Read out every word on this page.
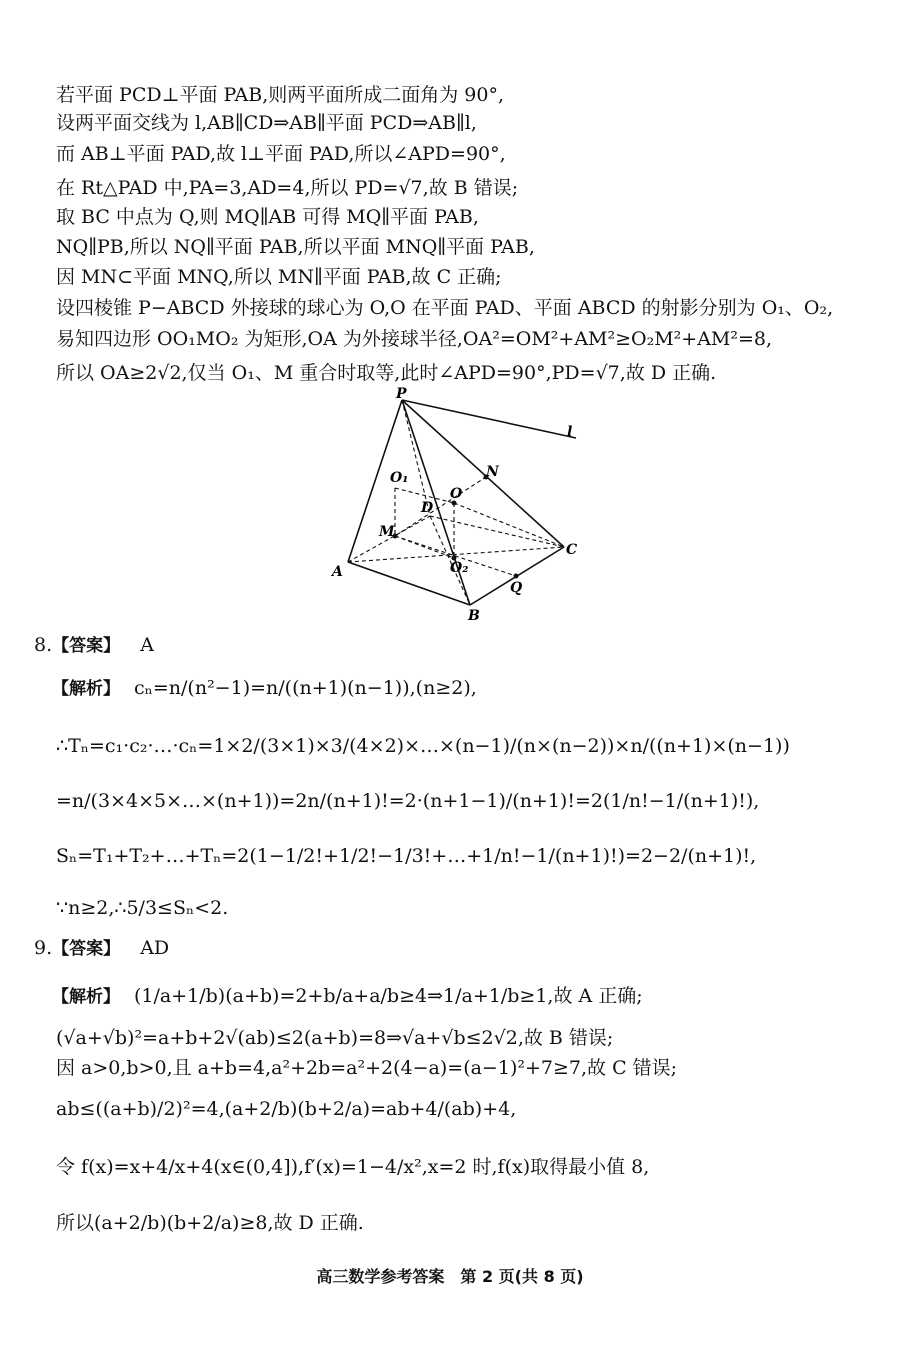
若平面 PCD⊥平面 PAB,则两平面所成二面角为 90°,
设两平面交线为 l,AB∥CD⇒AB∥平面 PCD⇒AB∥l,
而 AB⊥平面 PAD,故 l⊥平面 PAD,所以∠APD=90°,
在 Rt△PAD 中,PA=3,AD=4,所以 PD=√7,故 B 错误;
取 BC 中点为 Q,则 MQ∥AB 可得 MQ∥平面 PAB,
NQ∥PB,所以 NQ∥平面 PAB,所以平面 MNQ∥平面 PAB,
因 MN⊂平面 MNQ,所以 MN∥平面 PAB,故 C 正确;
设四棱锥 P−ABCD 外接球的球心为 O,O 在平面 PAD、平面 ABCD 的射影分别为 O₁、O₂,
易知四边形 OO₁MO₂ 为矩形,OA 为外接球半径,OA²=OM²+AM²≥O₂M²+AM²=8,
所以 OA≥2√2,仅当 O₁、M 重合时取等,此时∠APD=90°,PD=√7,故 D 正确.
P
l
N
O₁
O
D
M
C
A	O₂
Q
B
8.【答案】 A
【解析】 cₙ=n/(n²−1)=n/((n+1)(n−1)),(n≥2),
∴Tₙ=c₁·c₂·…·cₙ=1×2/(3×1)×3/(4×2)×…×(n−1)/(n×(n−2))×n/((n+1)×(n−1))
=n/(3×4×5×…×(n+1))=2n/(n+1)!=2·(n+1−1)/(n+1)!=2(1/n!−1/(n+1)!),
Sₙ=T₁+T₂+…+Tₙ=2(1−1/2!+1/2!−1/3!+…+1/n!−1/(n+1)!)=2−2/(n+1)!,
∵n≥2,∴5/3≤Sₙ<2.
9.【答案】 AD
【解析】 (1/a+1/b)(a+b)=2+b/a+a/b≥4⇒1/a+1/b≥1,故 A 正确;
(√a+√b)²=a+b+2√(ab)≤2(a+b)=8⇒√a+√b≤2√2,故 B 错误;
因 a>0,b>0,且 a+b=4,a²+2b=a²+2(4−a)=(a−1)²+7≥7,故 C 错误;
ab≤((a+b)/2)²=4,(a+2/b)(b+2/a)=ab+4/(ab)+4,
令 f(x)=x+4/x+4(x∈(0,4]),f′(x)=1−4/x²,x=2 时,f(x)取得最小值 8,
所以(a+2/b)(b+2/a)≥8,故 D 正确.
高三数学参考答案　第 2 页(共 8 页)
